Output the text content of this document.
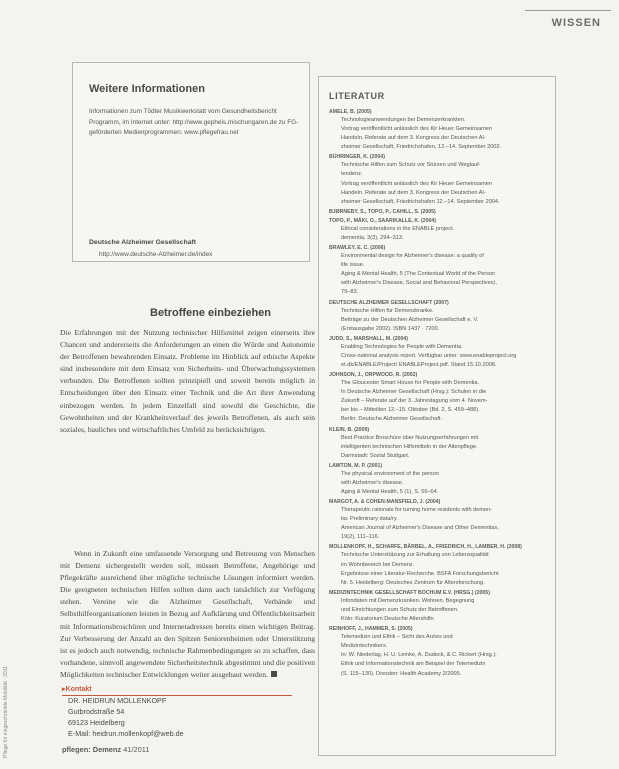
WISSEN
Pflege für eingeschränkte Mobilität · 2011
Weitere Informationen

Informationen zum Tödter Musikwerkstatt vom Gesundheitsbericht Programm, im Internet unter: http://www.gepheis.mischungaren.de zu FG-geförderten Medienprogrammen: www.pflegefrau.net

Deutsche Alzheimer Gesellschaft
http://www.deutsche-Alzheimer.de/index
Betroffene einbeziehen

Die Erfahrungen mit der Nutzung technischer Hilfsmittel zeigen einerseits ihre Chancen und andererseits die Anforderungen an einen die Würde und Autonomie der Betroffenen bewahrenden Einsatz. Probleme im Hinblick auf ethische Aspekte sind insbesondere mit dem Einsatz von Sicherheits- und Überwachungssystemen verbunden. Die Betroffenen sollten prinzipiell und soweit bereits möglich in Entscheidungen über den Einsatz einer Technik und die Art ihrer Anwendung einbezogen werden. In jedem Einzelfall sind sowohl die Geschichte, die Gewohnheiten und der Krankheitsverlauf des jeweils Betroffenen, als auch sein soziales, bauliches und wirtschaftliches Umfeld zu berücksichtigen.

Wenn in Zukunft eine umfassende Versorgung und Betreuung von Menschen mit Demenz sichergestellt werden soll, müssen Betroffene, Angehörige und Pflegekräfte ausreichend über mögliche technische Lösungen informiert werden. Die geeigneten technischen Hilfen sollten dann auch tatsächlich zur Verfügung stehen. Vereine wie die Alzheimer Gesellschaft, Verbände und Selbsthilfeorganisationen leisten in Bezug auf Aufklärung und Öffentlichkeitsarbeit mit Informationsbroschüren und Internetadressen bereits einen wichtigen Beitrag. Zur Verbesserung der Anzahl an den Spitzen Seniorenheimen oder Unterstützung ist es jedoch auch notwendig, technische Rahmenbedingungen so zu schaffen, dass vorhandene, sinnvoll angewendete Sicherheitstechnik abgestimmt und die positiven Möglichkeiten technischer Entwicklungen weiter ausgebaut werden.

▸ Kontakt
DR. HEIDRUN MOLLENKOPF
Gutbrodstraße 54
69123 Heidelberg
E-Mail: heidrun.mollenkopf@web.de
pflegen: Demenz 41/2011
LITERATUR
AMELE, B. (2005)
Technologieanwendungen bei Demenzerkrankten.
Vortrag veröffentlicht anlässlich des Kir Heuer Gemeinsamen
Handeln. Referate auf dem 3. Kongress der Deutschen Al-
zheimer Gesellschaft, Friedrichshafen, 12.–14. September 2002.
BÜHRINGER, K. (2004)
Technische Hilfen zum Schutz vor Stürzen und Weglauf-
tendenz.
Vortrag veröffentlicht anlässlich des Kir Heuer Gemeinsamen
Handeln. Referate auf dem 3. Kongress der Deutschen Al-
zheimer Gesellschaft, Friedrichshafen 12.–14. September 2004.
BJØRNEBY, S., TOPO, P., CAHILL, S. (2005)
TOPO, P., MÄKI, O., SAARIKALLE, K. (2004)
Ethical considerations in the ENABLE project.
dementia, 3(3), 294–313.
BRAWLEY, E. C. (2006)
Environmental design for Alzheimer's disease: a quality of
life issue.
Aging & Mental Health, 5 (The Contextual World of the Person
with Alzheimer's Disease, Social and Behavioral Perspectives),
79–83.
DEUTSCHE ALZHEIMER GESELLSCHAFT (2007)
Technische Hilfen für Demenzkranke.
Beiträge zu der Deutschen Alzheimer Gesellschaft e. V.
(Erstausgabe 2002). ISBN 1437 · 7200.
JUDD, S., MARSHALL, M. (2004)
Enabling Technologies for People with Dementia.
Cross-national analysis report. Verfügbar unter: www.enableproject.org
et.dk/ENABLE/Project/ ENABLEProject.pdf. Stand 15.10.2008.
JOHNSON, J., ORPWOOD, R. (2002)
The Gloucester Smart House for People with Dementia.
In Deutsche Alzheimer Gesellschaft (Hrsg.): Schulen in die
Zukunft – Referate auf der 3. Jahrestagung vom 4. Novem-
ber bis – Mitteilten 12.–15. Oktober (Bd. 2, S. 459–488).
Berlin: Deutsche Alzheimer Gesellschaft.
KLEIN, B. (2009)
Best Practice Broschüre über Nutzungserfahrungen mit
intelligenten technischen Hilfsmitteln in der Altenpflege.
Darmstadt: Sozial Stuttgart.
LAWTON, M. P. (2001)
The physical environment of the person
with Alzheimer's disease.
Aging & Mental Health, 5 (1), S. 56–64.
MARGOT, A. & COHEN-MANSFIELD, J. (2004)
Therapeutic rationale for turning home residents with demen-
tia: Preliminary data/ry.
American Journal of Alzheimer's Disease and Other Dementias,
19(2), 111–116.
MOLLENKOPF, H., SCHARFE, BÄRBEL, A., FRIEDRICH, H., LAMBER, H. (2008)
Technische Unterstützung zur Erhaltung von Lebensqualität
im Wohnbereich bei Demenz.
Ergebnisse einer Literatur-Recherche. BSFA Forschungsbericht
Nr. 5. Heidelberg: Deutsches Zentrum für Altersforschung.
MEDIZINTECHNIK GESELLSCHAFT BOCHUM E.V. (HRSG.) (2005)
Infondaten mit Demenzkranken. Wohnen, Begegnung
und Einrichtungen zum Schutz der Betroffenen.
Köln: Kuratorium Deutsche Altershilfe.
REINHOFF, J., HAMMER, S. (2005)
Telemedizin und Ethik – Sicht des Arztes und
Medizintechnikers.
In: W. Niederlag, H. U. Lemke, A. Dudeck, & C. Rickert (Hrsg.):
Ethik und Informationstechnik am Beispiel der Telemedizin
(S. 115–130). Dresden: Health Academy 2/2005.
